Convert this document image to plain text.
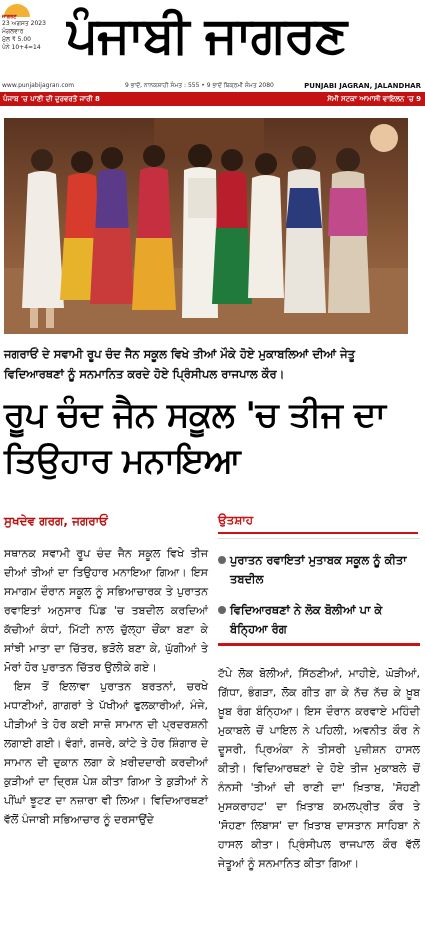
ਜਾਗਰਣ
23 ਅਗਸਤ 2023
ਮੰਗਲਵਾਰ
ਮੁੱਲ ₹ 5.00
ਪੰਨੇ 10+4=14 ਪੰਜਾਬੀ ਜਾਗਰਣ
www.punjabijagran.com	9 ਭਾਦੋਂ, ਨਾਨਕਸ਼ਾਹੀ ਸੰਮਤ : 555 • 9 ਭਾਦੋਂ ਬਿਕ੍ਰਮੀ ਸੰਮਤ 2080	PUNJABI JAGRAN, JALANDHAR
ਪੰਜਾਬ 'ਚ ਪਾਣੀ ਦੀ ਦੁਰਵਰਤੋਂ ਜਾਰੀ 8	ਸੇਮੀ ਸਟਕਾ ਆਮਾਸੀ ਵਾਇਲਨ 'ਚ 9
ਜਗਰਾਓਂ ਦੇ ਸਵਾਮੀ ਰੂਪ ਚੰਦ ਜੈਨ ਸਕੂਲ ਵਿਖੇ ਤੀਆਂ ਮੌਕੇ ਹੋਏ ਮੁਕਾਬਲਿਆਂ ਦੀਆਂ ਜੇਤੂ ਵਿਦਿਆਰਥਣਾਂ ਨੂੰ ਸਨਮਾਨਿਤ ਕਰਦੇ ਹੋਏ ਪ੍ਰਿੰਸੀਪਲ ਰਾਜਪਾਲ ਕੌਰ।
ਰੂਪ ਚੰਦ ਜੈਨ ਸਕੂਲ 'ਚ ਤੀਜ ਦਾ ਤਿਉਹਾਰ ਮਨਾਇਆ
ਸੁਖਦੇਵ ਗਰਗ, ਜਗਰਾਓਂ	ਉਤਸ਼ਾਹ
ਪੁਰਾਤਨ ਰਵਾਇਤਾਂ ਮੁਤਾਬਕ ਸਕੂਲ ਨੂੰ ਕੀਤਾ ਤਬਦੀਲ
ਵਿਦਿਆਰਥਣਾਂ ਨੇ ਲੋਕ ਬੋਲੀਆਂ ਪਾ ਕੇ ਬੰਨ੍ਹਿਆ ਰੰਗ

ਸਥਾਨਕ ਸਵਾਮੀ ਰੂਪ ਚੰਦ ਜੈਨ ਸਕੂਲ ਵਿਖੇ ਤੀਜ ਦੀਆਂ ਤੀਆਂ ਦਾ ਤਿਉਹਾਰ ਮਨਾਇਆ ਗਿਆ। ਇਸ ਸਮਾਗਮ ਦੌਰਾਨ ਸਕੂਲ ਨੂੰ ਸਭਿਆਚਾਰਕ ਤੇ ਪੁਰਾਤਨ ਰਵਾਇਤਾਂ ਅਨੁਸਾਰ ਪਿੰਡ 'ਚ ਤਬਦੀਲ ਕਰਦਿਆਂ ਕੱਚੀਆਂ ਕੰਧਾਂ, ਮਿੱਟੀ ਨਾਲ ਚੁੱਲ੍ਹਾ ਚੌਂਕਾ ਬਣਾ ਕੇ ਸਾਂਝੀ ਮਾਤਾ ਦਾ ਚਿੱਤਰ, ਭੜੋਲੇ ਬਣਾ ਕੇ, ਘੁੱਗੀਆਂ ਤੇ ਮੋਰਾਂ ਹੋਰ ਪੁਰਾਤਨ ਚਿੱਤਰ ਉਲੀਕੇ ਗਏ।

ਇਸ ਤੋਂ ਇਲਾਵਾ ਪੁਰਾਤਨ ਬਰਤਨਾਂ, ਚਰਖੇ ਮਧਾਣੀਆਂ, ਗਾਗਰਾਂ ਤੇ ਪੱਖੀਆਂ ਫੁਲਕਾਰੀਆਂ, ਮੰਜੇ, ਪੀੜੀਆਂ ਤੇ ਹੋਰ ਕਈ ਸਾਜ਼ੋ ਸਾਮਾਨ ਦੀ ਪ੍ਰਦਰਸ਼ਨੀ ਲਗਾਈ ਗਈ। ਵੰਗਾਂ, ਗਜਰੇ, ਕਾਂਟੇ ਤੇ ਹੋਰ ਸ਼ਿੰਗਾਰ ਦੇ ਸਾਮਾਨ ਦੀ ਦੁਕਾਨ ਲਗਾ ਕੇ ਖ਼ਰੀਦਦਾਰੀ ਕਰਦੀਆਂ ਕੁੜੀਆਂ ਦਾ ਦ੍ਰਿਸ਼ ਪੇਸ਼ ਕੀਤਾ ਗਿਆ ਤੇ ਕੁੜੀਆਂ ਨੇ ਪੀਂਘਾਂ ਝੂਟਣ ਦਾ ਨਜ਼ਾਰਾ ਵੀ ਲਿਆ। ਵਿਦਿਆਰਥਣਾਂ ਵੱਲੋਂ ਪੰਜਾਬੀ ਸਭਿਆਚਾਰ ਨੂੰ ਦਰਸਾਉਂਦੇ

ਟੱਪੇ ਲੋਕ ਬੋਲੀਆਂ, ਸਿੱਠਣੀਆਂ, ਮਾਹੀਏ, ਘੋੜੀਆਂ, ਗਿੱਧਾ, ਭੰਗੜਾ, ਲੋਕ ਗੀਤ ਗਾ ਕੇ ਨੱਚ ਨੱਚ ਕੇ ਖ਼ੂਬ ਖ਼ੂਬ ਰੰਗ ਬੰਨ੍ਹਿਆ। ਇਸ ਦੌਰਾਨ ਕਰਵਾਏ ਮਹਿੰਦੀ ਮੁਕਾਬਲੇ ਚੋਂ ਪਾਇਲ ਨੇ ਪਹਿਲੀ, ਅਵਨੀਤ ਕੌਰ ਨੇ ਦੂਸਰੀ, ਪ੍ਰਿਅੰਕਾ ਨੇ ਤੀਸਰੀ ਪੁਜ਼ੀਸ਼ਨ ਹਾਸਲ ਕੀਤੀ। ਵਿਦਿਆਰਥਣਾਂ ਦੇ ਹੋਏ ਤੀਜ ਮੁਕਾਬਲੇ ਚੋਂ ਨੰਨਸੀ 'ਤੀਆਂ ਦੀ ਰਾਣੀ ਦਾ' ਖ਼ਿਤਾਬ, 'ਸੋਹਣੀ ਮੁਸਕਰਾਹਟ' ਦਾ ਖ਼ਿਤਾਬ ਕਮਲਪ੍ਰੀਤ ਕੌਰ ਤੇ 'ਸੋਹਣਾ ਲਿਬਾਸ' ਦਾ ਖ਼ਿਤਾਬ ਦਾਸਤਾਨ ਸਾਹਿਬਾ ਨੇ ਹਾਸਲ ਕੀਤਾ। ਪ੍ਰਿੰਸੀਪਲ ਰਾਜਪਾਲ ਕੌਰ ਵੱਲੋਂ ਜੇਤੂਆਂ ਨੂੰ ਸਨਮਾਨਿਤ ਕੀਤਾ ਗਿਆ।
